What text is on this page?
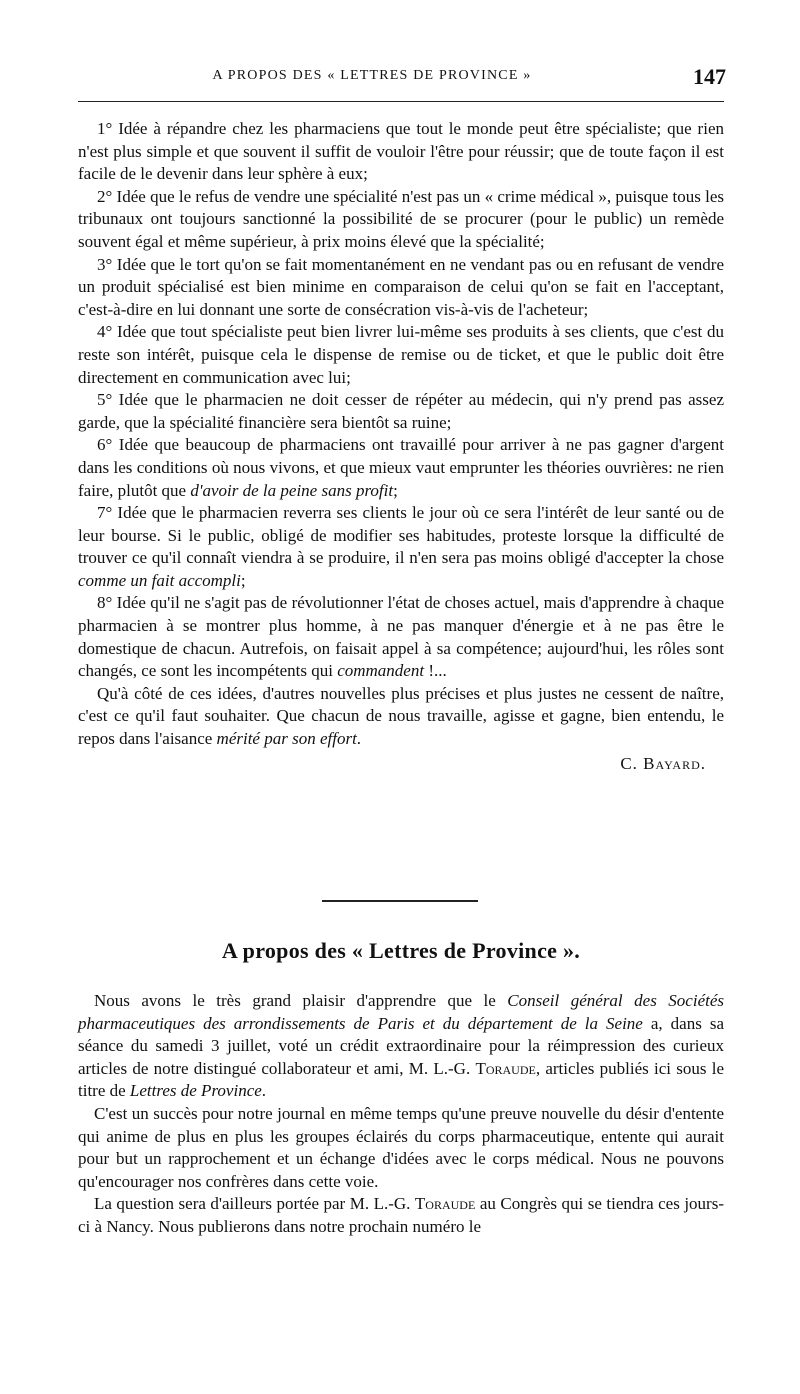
A PROPOS DES « LETTRES DE PROVINCE »	147

1° Idée à répandre chez les pharmaciens que tout le monde peut être spécialiste; que rien n'est plus simple et que souvent il suffit de vouloir l'être pour réussir; que de toute façon il est facile de le devenir dans leur sphère à eux;

2° Idée que le refus de vendre une spécialité n'est pas un « crime médical », puisque tous les tribunaux ont toujours sanctionné la possibilité de se procurer (pour le public) un remède souvent égal et même supérieur, à prix moins élevé que la spécialité;

3° Idée que le tort qu'on se fait momentanément en ne vendant pas ou en refusant de vendre un produit spécialisé est bien minime en comparaison de celui qu'on se fait en l'acceptant, c'est-à-dire en lui donnant une sorte de consécration vis-à-vis de l'acheteur;

4° Idée que tout spécialiste peut bien livrer lui-même ses produits à ses clients, que c'est du reste son intérêt, puisque cela le dispense de remise ou de ticket, et que le public doit être directement en communication avec lui;

5° Idée que le pharmacien ne doit cesser de répéter au médecin, qui n'y prend pas assez garde, que la spécialité financière sera bientôt sa ruine;

6° Idée que beaucoup de pharmaciens ont travaillé pour arriver à ne pas gagner d'argent dans les conditions où nous vivons, et que mieux vaut emprunter les théories ouvrières: ne rien faire, plutôt que d'avoir de la peine sans profit;

7° Idée que le pharmacien reverra ses clients le jour où ce sera l'intérêt de leur santé ou de leur bourse. Si le public, obligé de modifier ses habitudes, proteste lorsque la difficulté de trouver ce qu'il connaît viendra à se produire, il n'en sera pas moins obligé d'accepter la chose comme un fait accompli;

8° Idée qu'il ne s'agit pas de révolutionner l'état de choses actuel, mais d'apprendre à chaque pharmacien à se montrer plus homme, à ne pas manquer d'énergie et à ne pas être le domestique de chacun. Autrefois, on faisait appel à sa compétence; aujourd'hui, les rôles sont changés, ce sont les incompétents qui commandent !...

Qu'à côté de ces idées, d'autres nouvelles plus précises et plus justes ne cessent de naître, c'est ce qu'il faut souhaiter. Que chacun de nous travaille, agisse et gagne, bien entendu, le repos dans l'aisance mérité par son effort.

C. Bayard.
A propos des « Lettres de Province ».

Nous avons le très grand plaisir d'apprendre que le Conseil général des Sociétés pharmaceutiques des arrondissements de Paris et du département de la Seine a, dans sa séance du samedi 3 juillet, voté un crédit extraordinaire pour la réimpression des curieux articles de notre distingué collaborateur et ami, M. L.-G. Toraude, articles publiés ici sous le titre de Lettres de Province.

C'est un succès pour notre journal en même temps qu'une preuve nouvelle du désir d'entente qui anime de plus en plus les groupes éclairés du corps pharmaceutique, entente qui aurait pour but un rapprochement et un échange d'idées avec le corps médical. Nous ne pouvons qu'encourager nos confrères dans cette voie.

La question sera d'ailleurs portée par M. L.-G. Toraude au Congrès qui se tiendra ces jours-ci à Nancy. Nous publierons dans notre prochain numéro le
